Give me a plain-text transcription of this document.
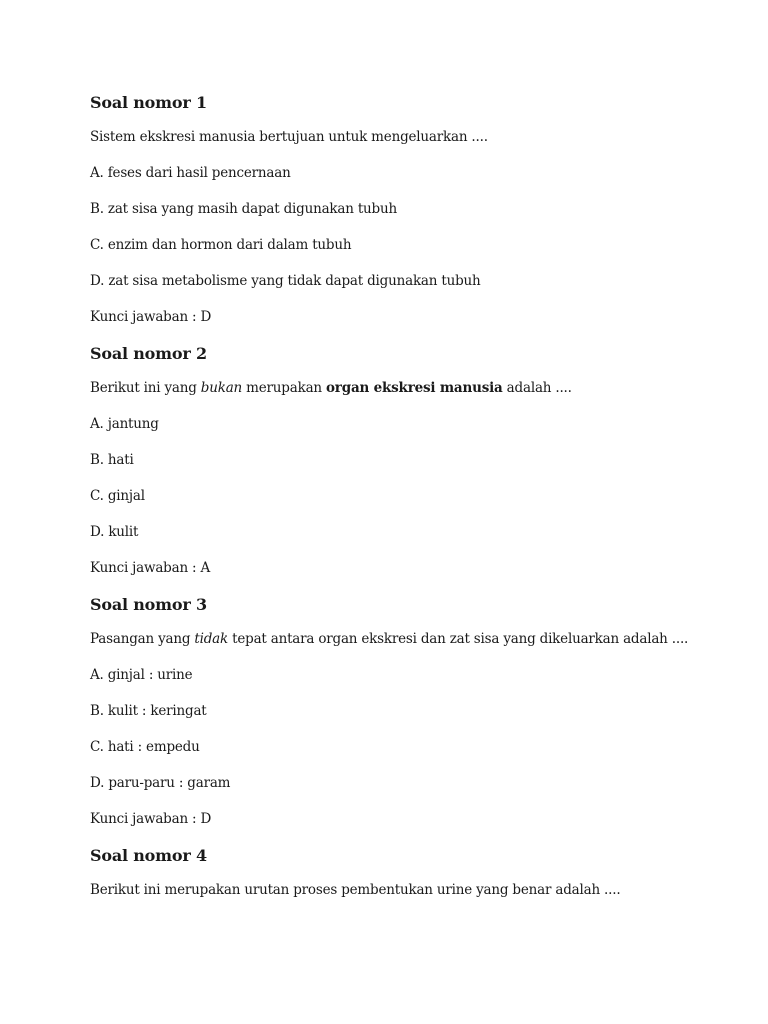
Soal nomor 1
Sistem ekskresi manusia bertujuan untuk mengeluarkan ....
A. feses dari hasil pencernaan
B. zat sisa yang masih dapat digunakan tubuh
C. enzim dan hormon dari dalam tubuh
D. zat sisa metabolisme yang tidak dapat digunakan tubuh
Kunci jawaban : D
Soal nomor 2
Berikut ini yang bukan merupakan organ ekskresi manusia adalah ....
A. jantung
B. hati
C. ginjal
D. kulit
Kunci jawaban : A
Soal nomor 3
Pasangan yang tidak tepat antara organ ekskresi dan zat sisa yang dikeluarkan adalah ....
A. ginjal : urine
B. kulit : keringat
C. hati : empedu
D. paru-paru : garam
Kunci jawaban : D
Soal nomor 4
Berikut ini merupakan urutan proses pembentukan urine yang benar adalah ....
